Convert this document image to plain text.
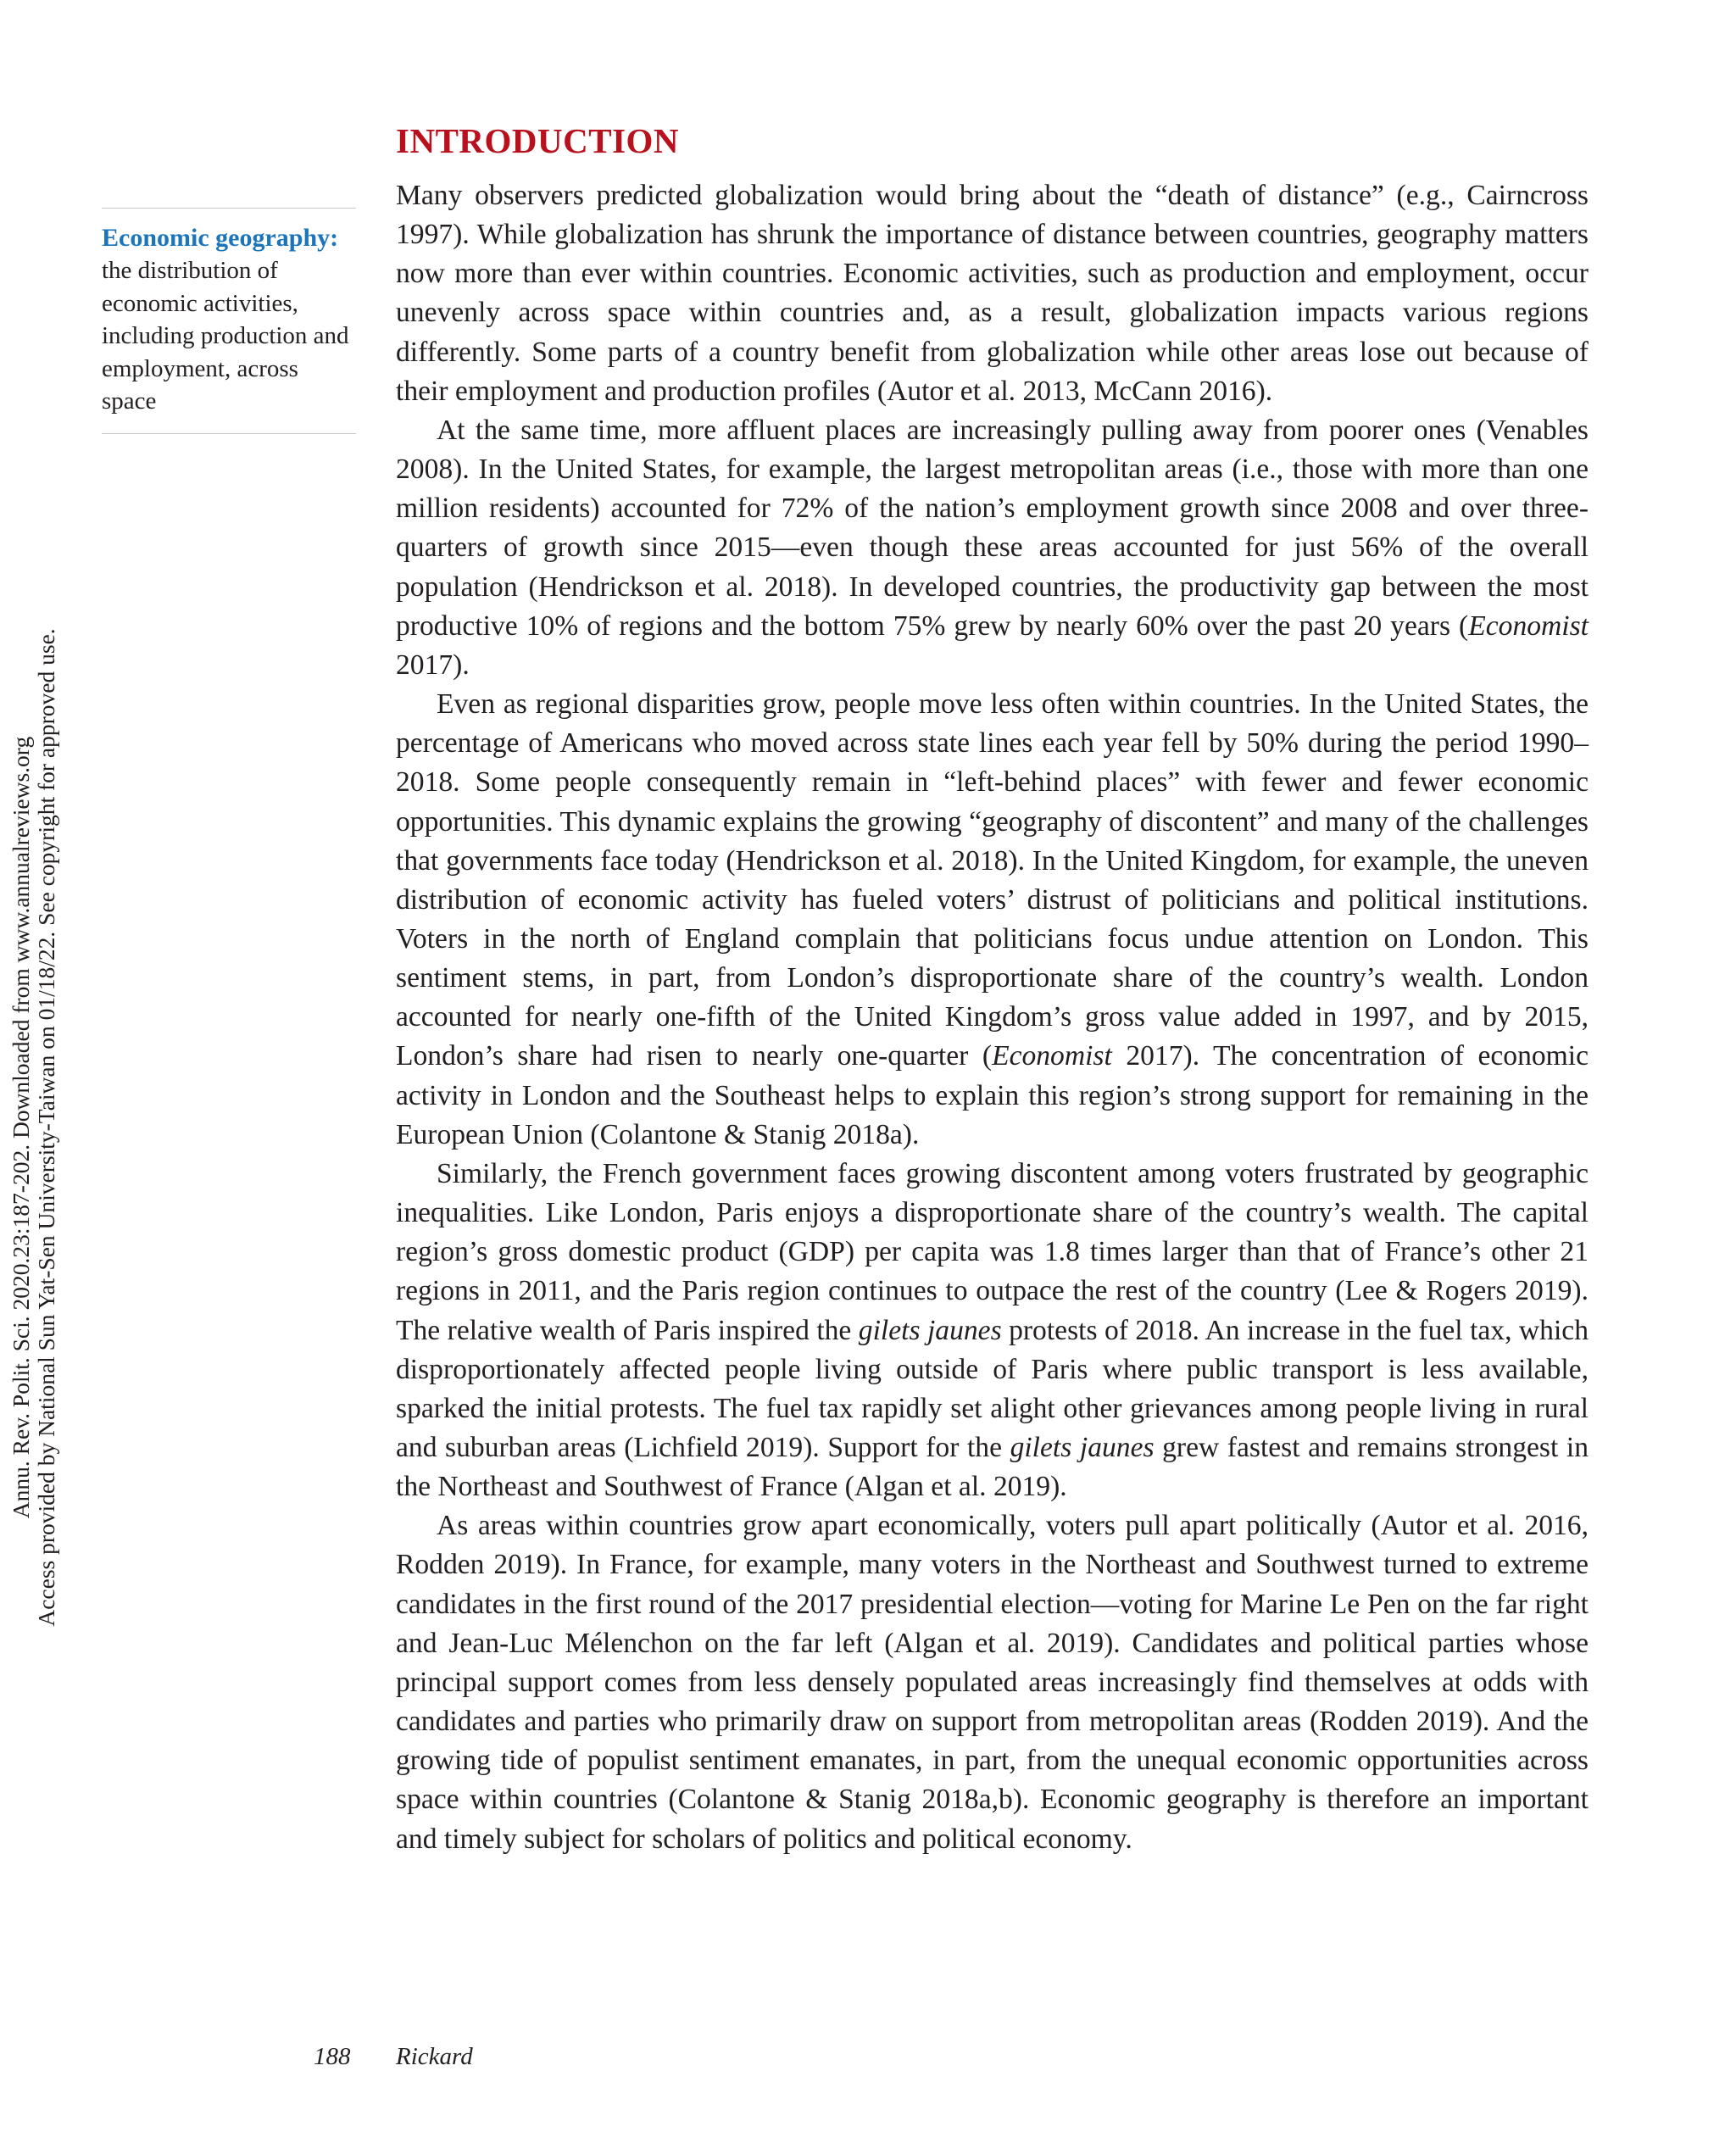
Annu. Rev. Polit. Sci. 2020.23:187-202. Downloaded from www.annualreviews.org Access provided by National Sun Yat-Sen University-Taiwan on 01/18/22. See copyright for approved use.
Economic geography:
the distribution of economic activities, including production and employment, across space
INTRODUCTION

Many observers predicted globalization would bring about the “death of distance” (e.g., Cairncross 1997). While globalization has shrunk the importance of distance between countries, geography matters now more than ever within countries. Economic activities, such as production and employment, occur unevenly across space within countries and, as a result, globalization impacts various regions differently. Some parts of a country benefit from globalization while other areas lose out because of their employment and production profiles (Autor et al. 2013, McCann 2016).

At the same time, more affluent places are increasingly pulling away from poorer ones (Venables 2008). In the United States, for example, the largest metropolitan areas (i.e., those with more than one million residents) accounted for 72% of the nation’s employment growth since 2008 and over three-quarters of growth since 2015—even though these areas accounted for just 56% of the overall population (Hendrickson et al. 2018). In developed countries, the productivity gap between the most productive 10% of regions and the bottom 75% grew by nearly 60% over the past 20 years (Economist 2017).

Even as regional disparities grow, people move less often within countries. In the United States, the percentage of Americans who moved across state lines each year fell by 50% during the period 1990–2018. Some people consequently remain in “left-behind places” with fewer and fewer economic opportunities. This dynamic explains the growing “geography of discontent” and many of the challenges that governments face today (Hendrickson et al. 2018). In the United Kingdom, for example, the uneven distribution of economic activity has fueled voters’ distrust of politicians and political institutions. Voters in the north of England complain that politicians focus undue attention on London. This sentiment stems, in part, from London’s disproportionate share of the country’s wealth. London accounted for nearly one-fifth of the United Kingdom’s gross value added in 1997, and by 2015, London’s share had risen to nearly one-quarter (Economist 2017). The concentration of economic activity in London and the Southeast helps to explain this region’s strong support for remaining in the European Union (Colantone & Stanig 2018a).

Similarly, the French government faces growing discontent among voters frustrated by geographic inequalities. Like London, Paris enjoys a disproportionate share of the country’s wealth. The capital region’s gross domestic product (GDP) per capita was 1.8 times larger than that of France’s other 21 regions in 2011, and the Paris region continues to outpace the rest of the country (Lee & Rogers 2019). The relative wealth of Paris inspired the gilets jaunes protests of 2018. An increase in the fuel tax, which disproportionately affected people living outside of Paris where public transport is less available, sparked the initial protests. The fuel tax rapidly set alight other grievances among people living in rural and suburban areas (Lichfield 2019). Support for the gilets jaunes grew fastest and remains strongest in the Northeast and Southwest of France (Algan et al. 2019).

As areas within countries grow apart economically, voters pull apart politically (Autor et al. 2016, Rodden 2019). In France, for example, many voters in the Northeast and Southwest turned to extreme candidates in the first round of the 2017 presidential election—voting for Marine Le Pen on the far right and Jean-Luc Mélenchon on the far left (Algan et al. 2019). Candidates and political parties whose principal support comes from less densely populated areas increasingly find themselves at odds with candidates and parties who primarily draw on support from metropolitan areas (Rodden 2019). And the growing tide of populist sentiment emanates, in part, from the unequal economic opportunities across space within countries (Colantone & Stanig 2018a,b). Economic geography is therefore an important and timely subject for scholars of politics and political economy.

188 Rickard
